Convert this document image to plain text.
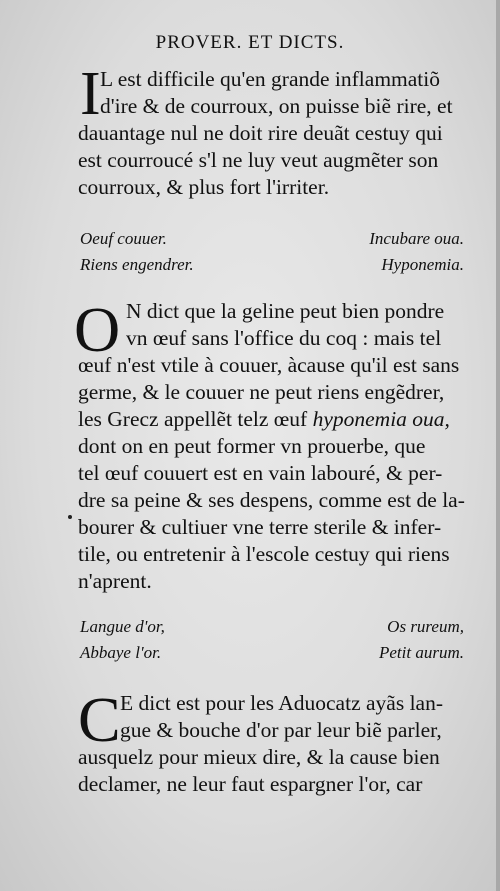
PROVER. ET DICTS.
I L est difficile qu'en grande inflammatiõ
d'ire & de courroux, on puisse biẽ rire, et
dauantage nul ne doit rire deuãt cestuy qui
est courroucé s'l ne luy veut augmẽter son
courroux, & plus fort l'irriter.
Oeuf couuer.	Incubare oua.
Riens engendrer.	Hyponemia.
O N dict que la geline peut bien pondre
vn œuf sans l'office du coq : mais tel
œuf n'est vtile à couuer, àcause qu'il est sans
germe, & le couuer ne peut riens engẽdrer,
les Grecz appellẽt telz œuf hyponemia oua,
dont on en peut former vn prouerbe, que
tel œuf couuert est en vain labouré, & per-
dre sa peine & ses despens, comme est de la-
bourer & cultiuer vne terre sterile & infer-
tile, ou entretenir à l'escole cestuy qui riens
n'aprent.
Langue d'or,	Os rureum,
Abbaye l'or.	Petit aurum.
C E dict est pour les Aduocatz ayãs lan-
gue & bouche d'or par leur biẽ parler,
ausquelz pour mieux dire, & la cause bien
declamer, ne leur faut espargner l'or, car
